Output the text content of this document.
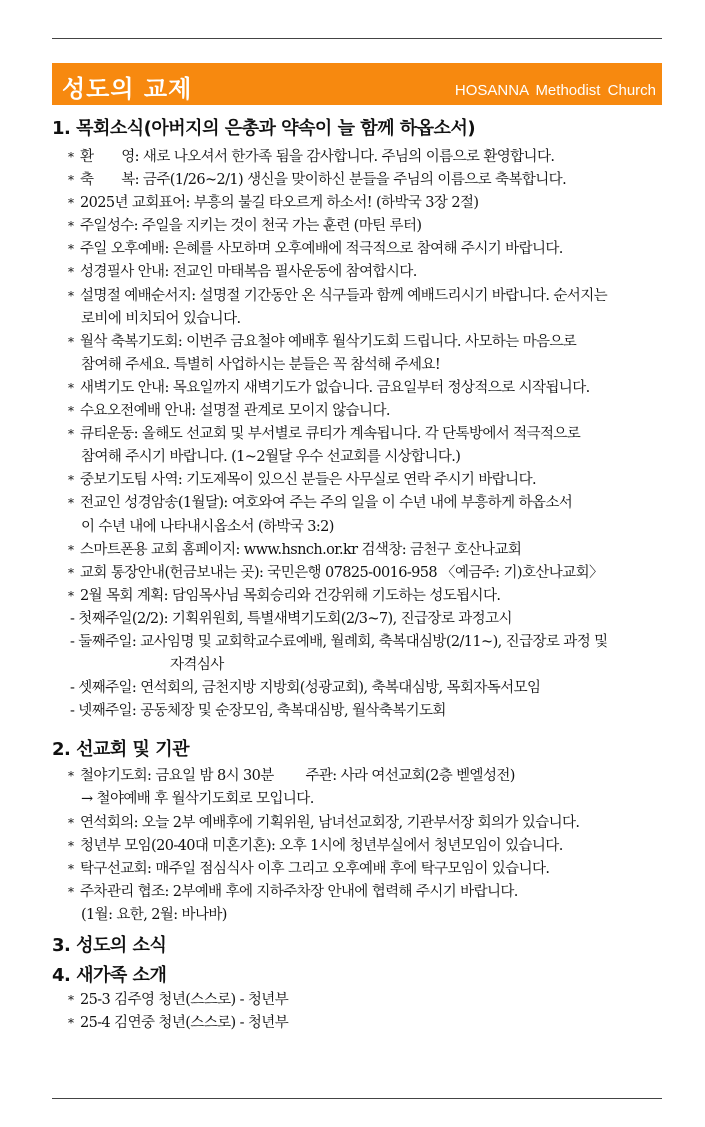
성도의 교제	HOSANNA Methodist Church
1. 목회소식(아버지의 은총과 약속이 늘 함께 하옵소서)
* 환　　영: 새로 나오셔서 한가족 됨을 감사합니다. 주님의 이름으로 환영합니다.
* 축　　복: 금주(1/26~2/1) 생신을 맞이하신 분들을 주님의 이름으로 축복합니다.
* 2025년 교회표어: 부흥의 불길 타오르게 하소서! (하박국 3장 2절)
* 주일성수: 주일을 지키는 것이 천국 가는 훈련 (마틴 루터)
* 주일 오후예배: 은혜를 사모하며 오후예배에 적극적으로 참여해 주시기 바랍니다.
* 성경필사 안내: 전교인 마태복음 필사운동에 참여합시다.
* 설명절 예배순서지: 설명절 기간동안 온 식구들과 함께 예배드리시기 바랍니다. 순서지는
로비에 비치되어 있습니다.
* 월삭 축복기도회: 이번주 금요철야 예배후 월삭기도회 드립니다. 사모하는 마음으로
참여해 주세요. 특별히 사업하시는 분들은 꼭 참석해 주세요!
* 새벽기도 안내: 목요일까지 새벽기도가 없습니다. 금요일부터 정상적으로 시작됩니다.
* 수요오전예배 안내: 설명절 관계로 모이지 않습니다.
* 큐티운동: 올해도 선교회 및 부서별로 큐티가 계속됩니다. 각 단톡방에서 적극적으로
참여해 주시기 바랍니다. (1~2월달 우수 선교회를 시상합니다.)
* 중보기도팀 사역: 기도제목이 있으신 분들은 사무실로 연락 주시기 바랍니다.
* 전교인 성경암송(1월달): 여호와여 주는 주의 일을 이 수년 내에 부흥하게 하옵소서
이 수년 내에 나타내시옵소서 (하박국 3:2)
* 스마트폰용 교회 홈페이지: www.hsnch.or.kr 검색창: 금천구 호산나교회
* 교회 통장안내(헌금보내는 곳): 국민은행 07825-0016-958 〈예금주: 기)호산나교회〉
* 2월 목회 계획: 담임목사님 목회승리와 건강위해 기도하는 성도됩시다.
- 첫째주일(2/2): 기획위원회, 특별새벽기도회(2/3~7), 진급장로 과정고시
- 둘째주일: 교사임명 및 교회학교수료예배, 월례회, 축복대심방(2/11~), 진급장로 과정 및
자격심사
- 셋째주일: 연석회의, 금천지방 지방회(성광교회), 축복대심방, 목회자독서모임
- 넷째주일: 공동체장 및 순장모임, 축복대심방, 월삭축복기도회
2. 선교회 및 기관
* 철야기도회: 금요일 밤 8시 30분　　 주관: 사라 여선교회(2층 벧엘성전)
→ 철야예배 후 월삭기도회로 모입니다.
* 연석회의: 오늘 2부 예배후에 기획위원, 남녀선교회장, 기관부서장 회의가 있습니다.
* 청년부 모임(20-40대 미혼기혼): 오후 1시에 청년부실에서 청년모임이 있습니다.
* 탁구선교회: 매주일 점심식사 이후 그리고 오후예배 후에 탁구모임이 있습니다.
* 주차관리 협조: 2부예배 후에 지하주차장 안내에 협력해 주시기 바랍니다.
(1월: 요한, 2월: 바나바)
3. 성도의 소식
4. 새가족 소개
* 25-3 김주영 청년(스스로) - 청년부
* 25-4 김연중 청년(스스로) - 청년부
